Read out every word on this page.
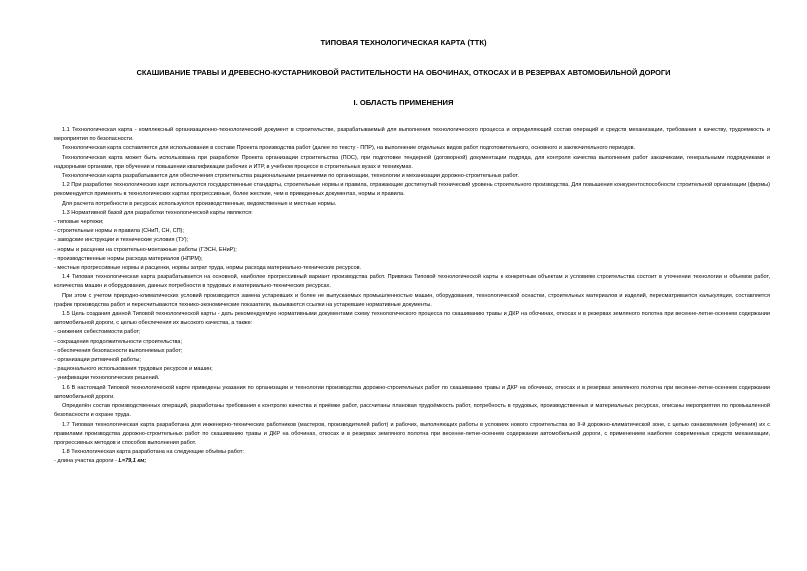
ТИПОВАЯ ТЕХНОЛОГИЧЕСКАЯ КАРТА (ТТК)
СКАШИВАНИЕ ТРАВЫ И ДРЕВЕСНО-КУСТАРНИКОВОЙ РАСТИТЕЛЬНОСТИ НА ОБОЧИНАХ, ОТКОСАХ И В РЕЗЕРВАХ АВТОМОБИЛЬНОЙ ДОРОГИ
I. ОБЛАСТЬ ПРИМЕНЕНИЯ

1.1 Технологическая карта - комплексный организационно-технологический документ в строительстве, разрабатываемый для выполнения технологического процесса и определяющий состав операций и средств механизации, требования к качеству, трудоемкость и мероприятия по безопасности.

Технологическая карта составляется для использования в составе Проекта производства работ (далее по тексту - ППР), на выполнение отдельных видов работ подготовительного, основного и заключительного периодов.

Технологическая карта может быть использована при разработке Проекта организации строительства (ПОС), при подготовке тендерной (договорной) документации подряда, для контроля качества выполнения работ заказчиками, генеральными подрядчиками и надзорными органами, при обучении и повышении квалификации рабочих и ИТР, в учебном процессе в строительных вузах и техникумах.

Технологическая карта разрабатывается для обеспечения строительства рациональными решениями по организации, технологии и механизации дорожно-строительных работ.

1.2 При разработке технологических карт используются государственные стандарты, строительные нормы и правила, отражающие достигнутый технический уровень строительного производства. Для повышения конкурентоспособности строительной организации (фирмы) рекомендуется применять в технологических картах прогрессивные, более жесткие, чем в приведенных документах, нормы и правила.

Для расчета потребности в ресурсах используются производственные, ведомственные и местные нормы.

1.3 Нормативной базой для разработки технологической карты являются:

- типовые чертежи;

- строительные нормы и правила (СНиП, СН, СП);

- заводские инструкции и технические условия (ТУ);

- нормы и расценки на строительно-монтажные работы (ГЭСН, ЕНиР);

- производственные нормы расхода материалов (НПРМ);

- местные прогрессивные нормы и расценки, нормы затрат труда, нормы расхода материально-технических ресурсов.

1.4 Типовая технологическая карта разрабатывается на основной, наиболее прогрессивный вариант производства работ. Привязка Типовой технологической карты к конкретным объектам и условиям строительства состоит в уточнении технологии и объемов работ, количества машин и оборудования, данных потребности в трудовых и материально-технических ресурсах.

При этом с учетом природно-климатических условий производится замена устаревших и более не выпускаемых промышленностью машин, оборудования, технологической оснастки, строительных материалов и изделий, пересматривается калькуляция, составляется график производства работ и пересчитываются технико-экономические показатели, вызываются ссылки на устаревшие нормативные документы.

1.5 Цель создания данной Типовой технологической карты - дать рекомендуемую нормативными документами схему технологического процесса по скашиванию травы и ДКР на обочинах, откосах и в резервах земляного полотна при весенне-летне-осеннем содержании автомобильной дороги, с целью обеспечения их высокого качества, а также:

- снижения себестоимости работ;

- сокращения продолжительности строительства;

- обеспечения безопасности выполняемых работ;

- организации ритмичной работы;

- рационального использования трудовых ресурсов и машин;

- унификации технологических решений.

1.6 В настоящей Типовой технологической карте приведены указания по организации и технологии производства дорожно-строительных работ по скашиванию травы и ДКР на обочинах, откосах и в резервах земляного полотна при весенне-летне-осеннем содержании автомобильной дороги.

Определён состав производственных операций, разработаны требования к контролю качества и приёмке работ, рассчитаны плановая трудоёмкость работ, потребность в трудовых, производственных и материальных ресурсах, описаны мероприятия по промышленной безопасности и охране труда.

1.7 Типовая технологическая карта разработана для инженерно-технических работников (мастеров, производителей работ) и рабочих, выполняющих работы в условиях нового строительства во II-й дорожно-климатической зоне, с целью ознакомления (обучения) их с правилами производства дорожно-строительных работ по скашиванию травы и ДКР на обочинах, откосах и в резервах земляного полотна при весенне-летне-осеннем содержании автомобильной дороги, с применением наиболее современных средств механизации, прогрессивных методов и способов выполнения работ.

1.8 Технологическая карта разработана на следующие объёмы работ:

- длина участка дороги - L=79,1 км;
